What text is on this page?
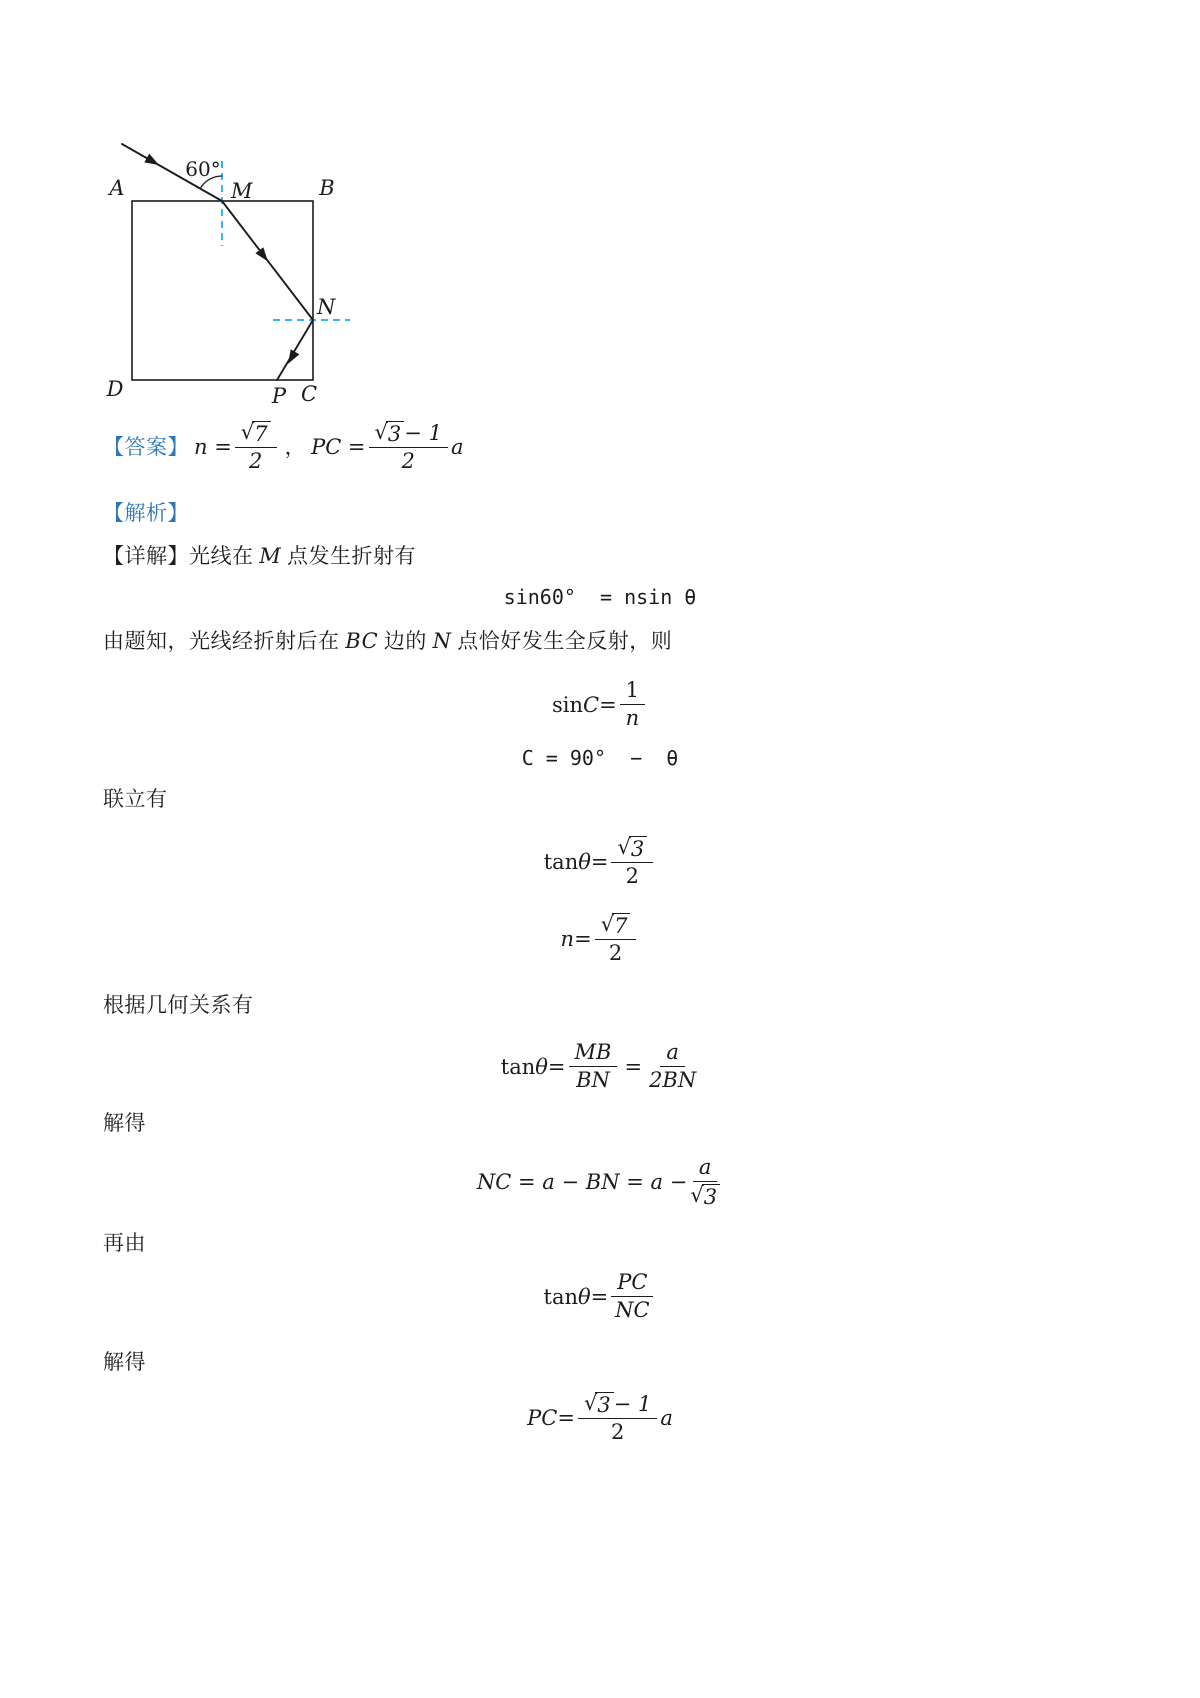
60°
A	B
M
N
D	P C
【答案】 $n = \frac{√ 7}{2}$ ， PC = $\frac{√ 3 - 1}{2}$ a
【解析】
【详解】光线在 M 点发生折射有
sin60°  = nsin θ
由题知，光线经折射后在 BC 边的 N 点恰好发生全反射，则
$\sin C = \frac{1}{n}$
C = 90°  −  θ
联立有
$\tan \theta = \frac{√ 3}{2}$
$n = \frac{√ 7}{2}$
根据几何关系有
$\tan \theta = \frac{MB}{BN} = \frac{a}{2BN}$
解得
NC = a − BN = $a - \frac{a}{√ 3}$
再由
$\tan \theta = \frac{PC}{NC}$
解得
PC = $\frac{√ 3 - 1}{2}$ a
